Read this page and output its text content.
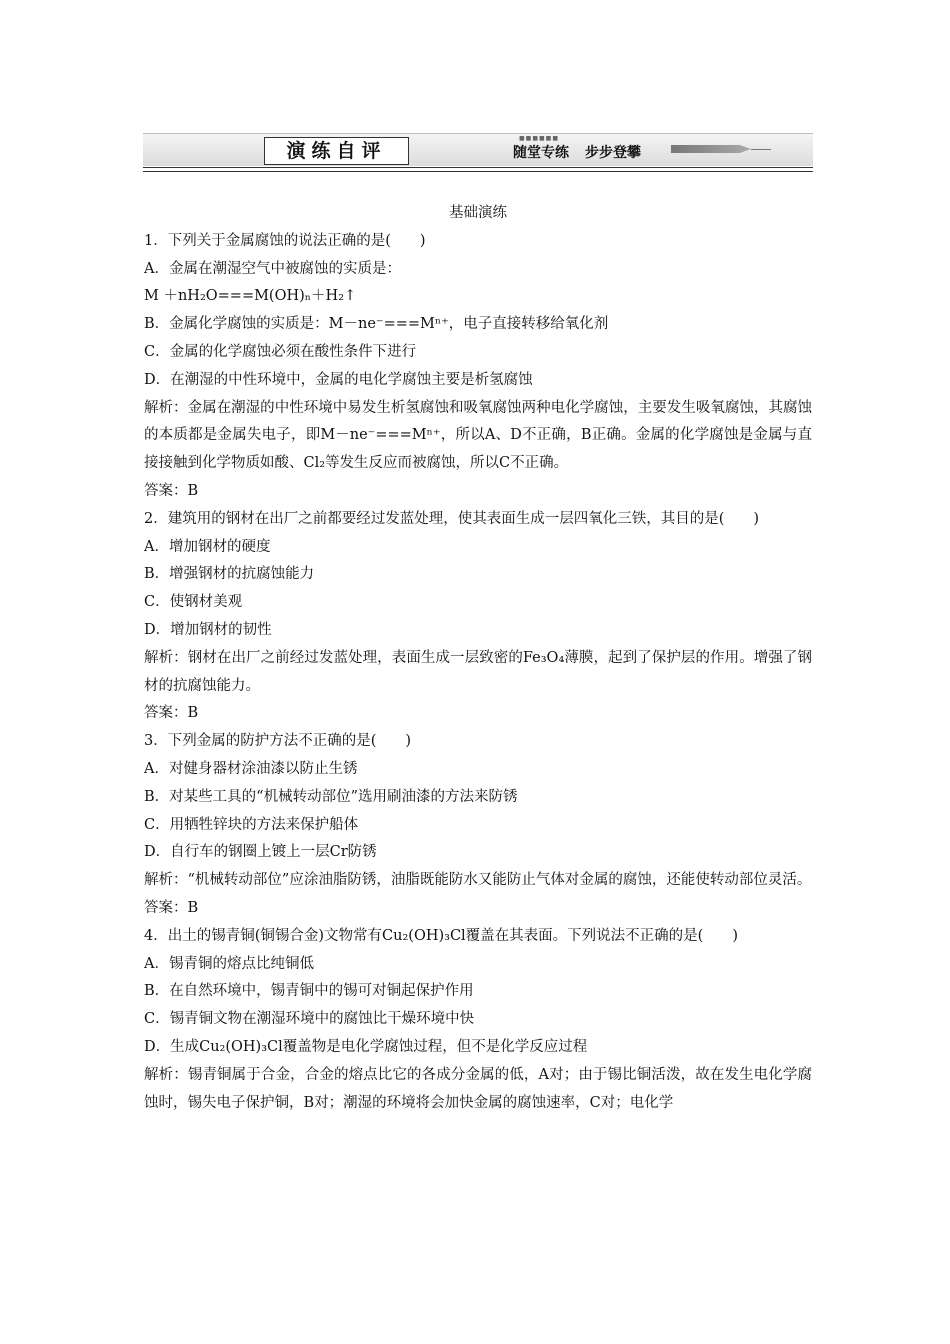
演练自评
■■■■■■
随堂专练 步步登攀

基础演练

1．下列关于金属腐蚀的说法正确的是(　　)

A．金属在潮湿空气中被腐蚀的实质是：

M ＋nH₂O===M(OH)ₙ＋H₂↑

B．金属化学腐蚀的实质是：M－ne⁻===Mⁿ⁺，电子直接转移给氧化剂

C．金属的化学腐蚀必须在酸性条件下进行

D．在潮湿的中性环境中，金属的电化学腐蚀主要是析氢腐蚀

解析：金属在潮湿的中性环境中易发生析氢腐蚀和吸氧腐蚀两种电化学腐蚀，主要发生吸氧腐蚀，其腐蚀的本质都是金属失电子，即M－ne⁻===Mⁿ⁺，所以A、D不正确，B正确。金属的化学腐蚀是金属与直接接触到化学物质如酸、Cl₂等发生反应而被腐蚀，所以C不正确。

答案：B

2．建筑用的钢材在出厂之前都要经过发蓝处理，使其表面生成一层四氧化三铁，其目的是(　　)

A．增加钢材的硬度

B．增强钢材的抗腐蚀能力

C．使钢材美观

D．增加钢材的韧性

解析：钢材在出厂之前经过发蓝处理，表面生成一层致密的Fe₃O₄薄膜，起到了保护层的作用。增强了钢材的抗腐蚀能力。

答案：B

3．下列金属的防护方法不正确的是(　　)

A．对健身器材涂油漆以防止生锈

B．对某些工具的“机械转动部位”选用刷油漆的方法来防锈

C．用牺牲锌块的方法来保护船体

D．自行车的钢圈上镀上一层Cr防锈

解析：“机械转动部位”应涂油脂防锈，油脂既能防水又能防止气体对金属的腐蚀，还能使转动部位灵活。

答案：B

4．出土的锡青铜(铜锡合金)文物常有Cu₂(OH)₃Cl覆盖在其表面。下列说法不正确的是(　　)

A．锡青铜的熔点比纯铜低

B．在自然环境中，锡青铜中的锡可对铜起保护作用

C．锡青铜文物在潮湿环境中的腐蚀比干燥环境中快

D．生成Cu₂(OH)₃Cl覆盖物是电化学腐蚀过程，但不是化学反应过程

解析：锡青铜属于合金，合金的熔点比它的各成分金属的低，A对；由于锡比铜活泼，故在发生电化学腐蚀时，锡失电子保护铜，B对；潮湿的环境将会加快金属的腐蚀速率，C对；电化学
